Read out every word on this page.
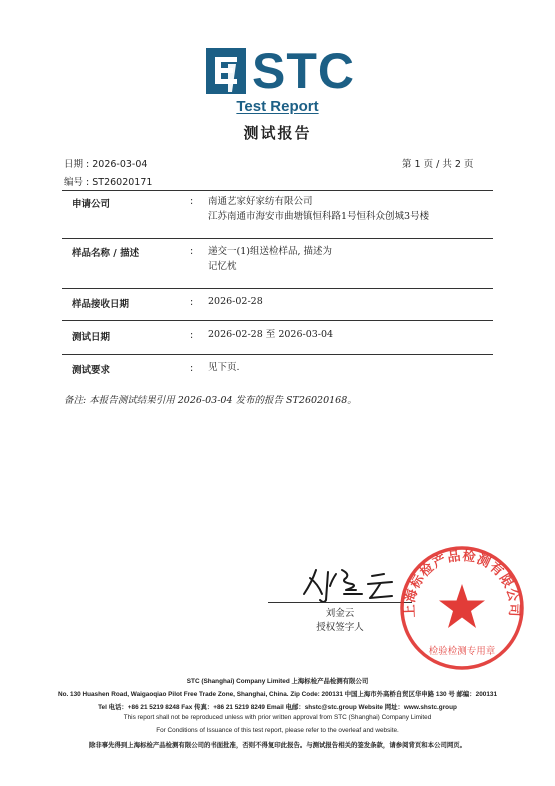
STC
Test Report
测试报告
日期 : 2026-03-04
编号 : ST26020171
第 1 页 / 共 2 页
申请公司	: 南通艺家好家纺有限公司
江苏南通市海安市曲塘镇恒科路1号恒科众创城3号楼
样品名称 / 描述	: 递交一(1)组送检样品, 描述为
记忆枕
样品接收日期	: 2026-02-28
测试日期	: 2026-02-28 至 2026-03-04
测试要求	: 见下页.
备注: 本报告测试结果引用 2026-03-04 发布的报告 ST26020168。
刘金云
授权签字人
上海标检产品检测有限公司
检验检测专用章
STC (Shanghai) Company Limited 上海标检产品检测有限公司
No. 130 Huashen Road, Waigaoqiao Pilot Free Trade Zone, Shanghai, China. Zip Code: 200131 中国上海市外高桥自贸区华申路 130 号 邮编：200131
Tel 电话：+86 21 5219 8248 Fax 传真：+86 21 5219 8249 Email 电邮：shstc@stc.group Website 网址：www.shstc.group
This report shall not be reproduced unless with prior written approval from STC (Shanghai) Company Limited
For Conditions of Issuance of this test report, please refer to the overleaf and website.
除非事先得到上海标检产品检测有限公司的书面批准，否则不得复印此报告。与测试报告相关的签发条款，请参阅背页和本公司网页。
